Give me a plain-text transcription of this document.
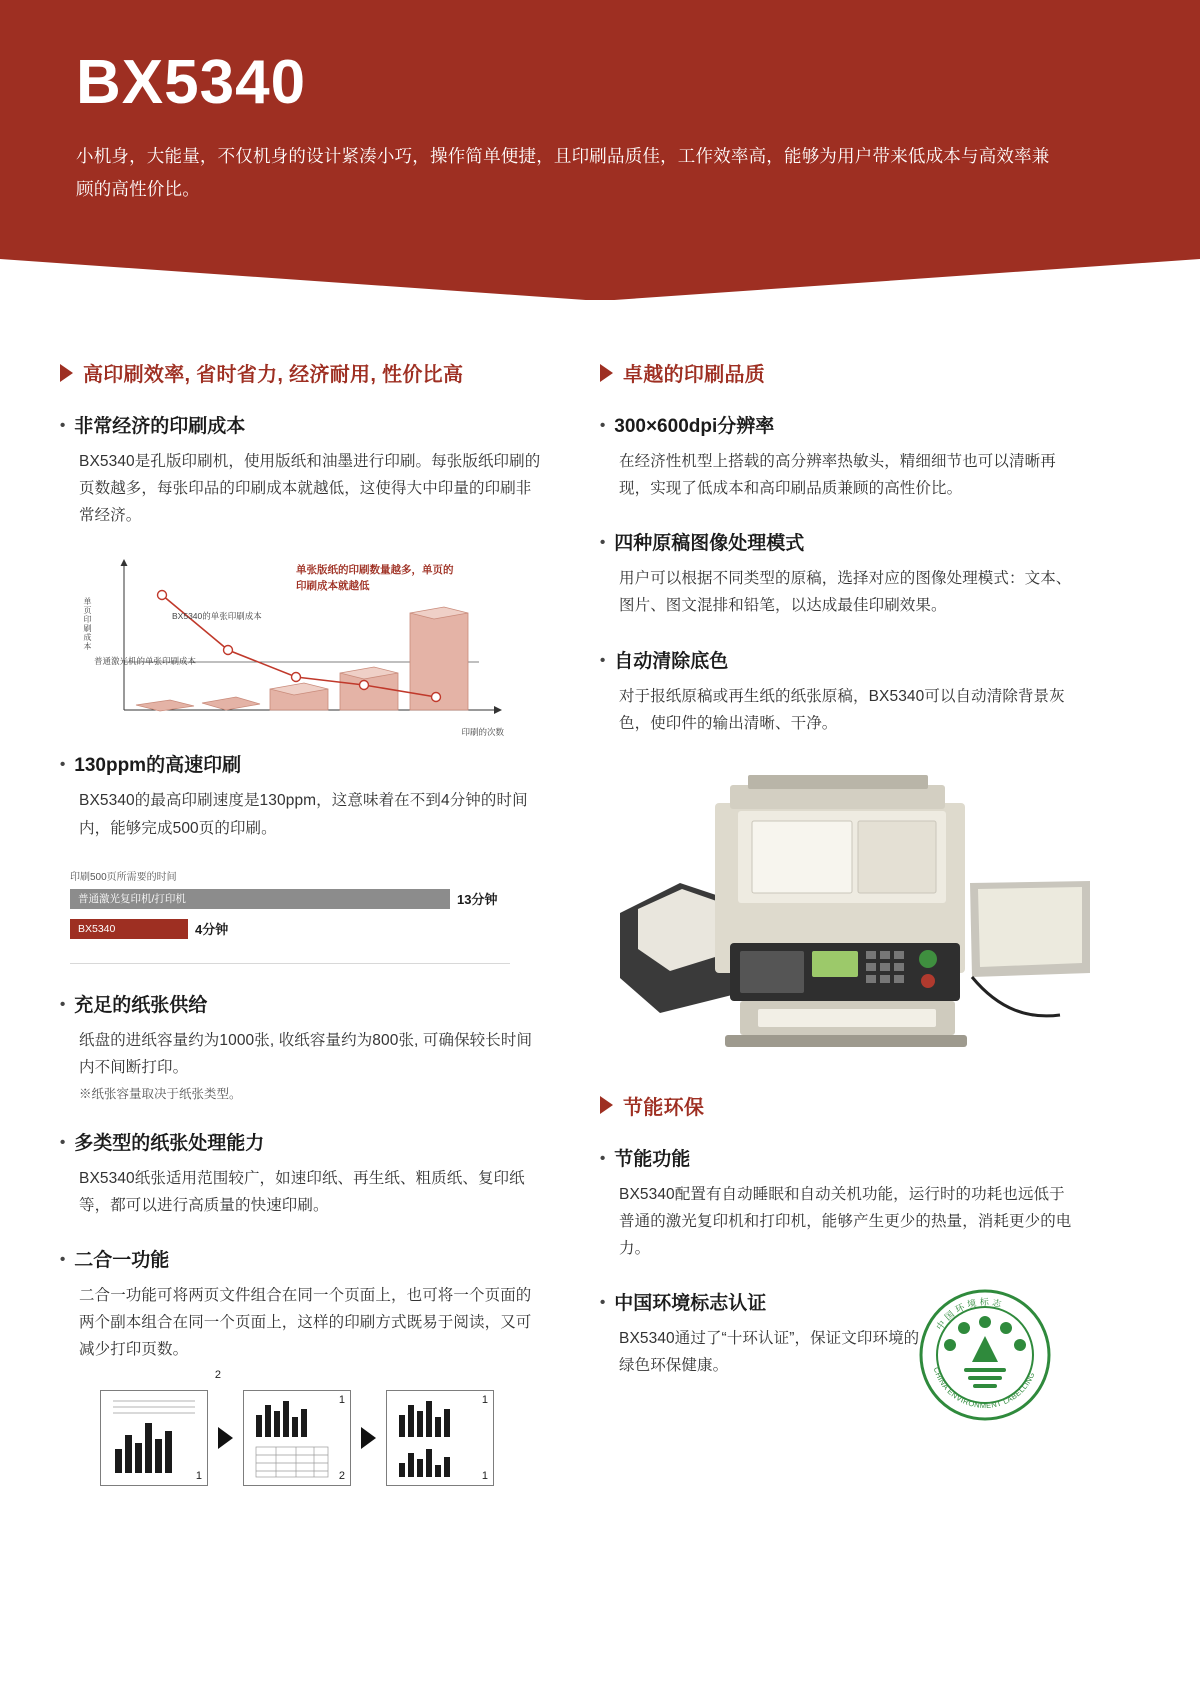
BX5340
小机身，大能量，不仅机身的设计紧凑小巧，操作简单便捷，且印刷品质佳，工作效率高，能够为用户带来低成本与高效率兼顾的高性价比。
高印刷效率, 省时省力, 经济耐用, 性价比高
• 非常经济的印刷成本
BX5340是孔版印刷机，使用版纸和油墨进行印刷。每张版纸印刷的页数越多，每张印品的印刷成本就越低，这使得大中印量的印刷非常经济。
单张版纸的印刷数量越多，单页的印刷成本就越低
BX5340的单张印刷成本
普通激光机的单张印刷成本
单页印刷成本
印刷的次数
• 130ppm的高速印刷
BX5340的最高印刷速度是130ppm，这意味着在不到4分钟的时间内，能够完成500页的印刷。
印刷500页所需要的时间
普通激光复印机/打印机	13分钟
BX5340	4分钟
• 充足的纸张供给
纸盘的进纸容量约为1000张, 收纸容量约为800张, 可确保较长时间内不间断打印。
※纸张容量取决于纸张类型。
• 多类型的纸张处理能力
BX5340纸张适用范围较广，如速印纸、再生纸、粗质纸、复印纸等，都可以进行高质量的快速印刷。
• 二合一功能
二合一功能可将两页文件组合在同一个页面上，也可将一个页面的两个副本组合在同一个页面上，这样的印刷方式既易于阅读，又可减少打印页数。
1
2
1
2
1
1
卓越的印刷品质
• 300×600dpi分辨率
在经济性机型上搭载的高分辨率热敏头，精细细节也可以清晰再现，实现了低成本和高印刷品质兼顾的高性价比。
• 四种原稿图像处理模式
用户可以根据不同类型的原稿，选择对应的图像处理模式：文本、图片、图文混排和铅笔，以达成最佳印刷效果。
• 自动清除底色
对于报纸原稿或再生纸的纸张原稿，BX5340可以自动清除背景灰色，使印件的输出清晰、干净。
节能环保
• 节能功能
BX5340配置有自动睡眠和自动关机功能，运行时的功耗也远低于普通的激光复印机和打印机，能够产生更少的热量，消耗更少的电力。
• 中国环境标志认证
BX5340通过了“十环认证”，保证文印环境的绿色环保健康。
中国环境标志
CHINA ENVIRONMENT LABELLING
